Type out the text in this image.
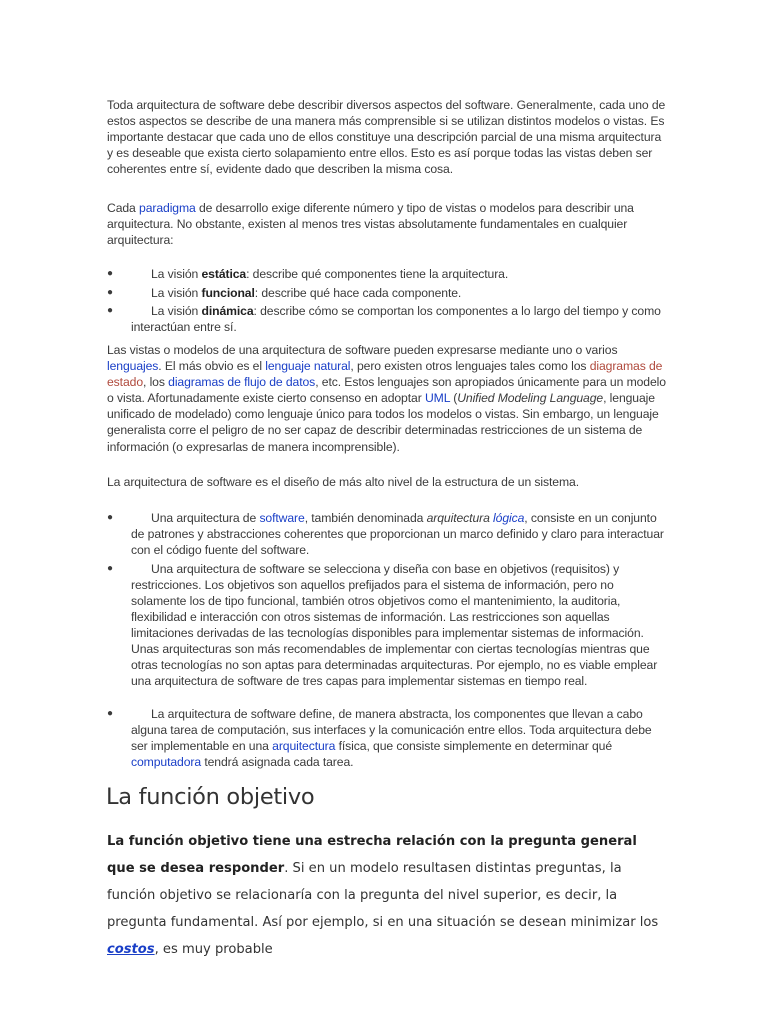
Toda arquitectura de software debe describir diversos aspectos del software. Generalmente, cada uno de estos aspectos se describe de una manera más comprensible si se utilizan distintos modelos o vistas. Es importante destacar que cada uno de ellos constituye una descripción parcial de una misma arquitectura y es deseable que exista cierto solapamiento entre ellos. Esto es así porque todas las vistas deben ser coherentes entre sí, evidente dado que describen la misma cosa.

Cada paradigma de desarrollo exige diferente número y tipo de vistas o modelos para describir una arquitectura. No obstante, existen al menos tres vistas absolutamente fundamentales en cualquier arquitectura:

●	La visión estática: describe qué componentes tiene la arquitectura.
●	La visión funcional: describe qué hace cada componente.
●	La visión dinámica: describe cómo se comportan los componentes a lo largo del tiempo y como interactúan entre sí.

Las vistas o modelos de una arquitectura de software pueden expresarse mediante uno o varios lenguajes. El más obvio es el lenguaje natural, pero existen otros lenguajes tales como los diagramas de estado, los diagramas de flujo de datos, etc. Estos lenguajes son apropiados únicamente para un modelo o vista. Afortunadamente existe cierto consenso en adoptar UML (Unified Modeling Language, lenguaje unificado de modelado) como lenguaje único para todos los modelos o vistas. Sin embargo, un lenguaje generalista corre el peligro de no ser capaz de describir determinadas restricciones de un sistema de información (o expresarlas de manera incomprensible).

La arquitectura de software es el diseño de más alto nivel de la estructura de un sistema.

●	Una arquitectura de software, también denominada arquitectura lógica, consiste en un conjunto de patrones y abstracciones coherentes que proporcionan un marco definido y claro para interactuar con el código fuente del software.
●	Una arquitectura de software se selecciona y diseña con base en objetivos (requisitos) y restricciones. Los objetivos son aquellos prefijados para el sistema de información, pero no solamente los de tipo funcional, también otros objetivos como el mantenimiento, la auditoria, flexibilidad e interacción con otros sistemas de información. Las restricciones son aquellas limitaciones derivadas de las tecnologías disponibles para implementar sistemas de información. Unas arquitecturas son más recomendables de implementar con ciertas tecnologías mientras que otras tecnologías no son aptas para determinadas arquitecturas. Por ejemplo, no es viable emplear una arquitectura de software de tres capas para implementar sistemas en tiempo real.
●	La arquitectura de software define, de manera abstracta, los componentes que llevan a cabo alguna tarea de computación, sus interfaces y la comunicación entre ellos. Toda arquitectura debe ser implementable en una arquitectura física, que consiste simplemente en determinar qué computadora tendrá asignada cada tarea.
La función objetivo

La función objetivo tiene una estrecha relación con la pregunta general que se desea responder. Si en un modelo resultasen distintas preguntas, la función objetivo se relacionaría con la pregunta del nivel superior, es decir, la pregunta fundamental. Así por ejemplo, si en una situación se desean minimizar los costos, es muy probable
